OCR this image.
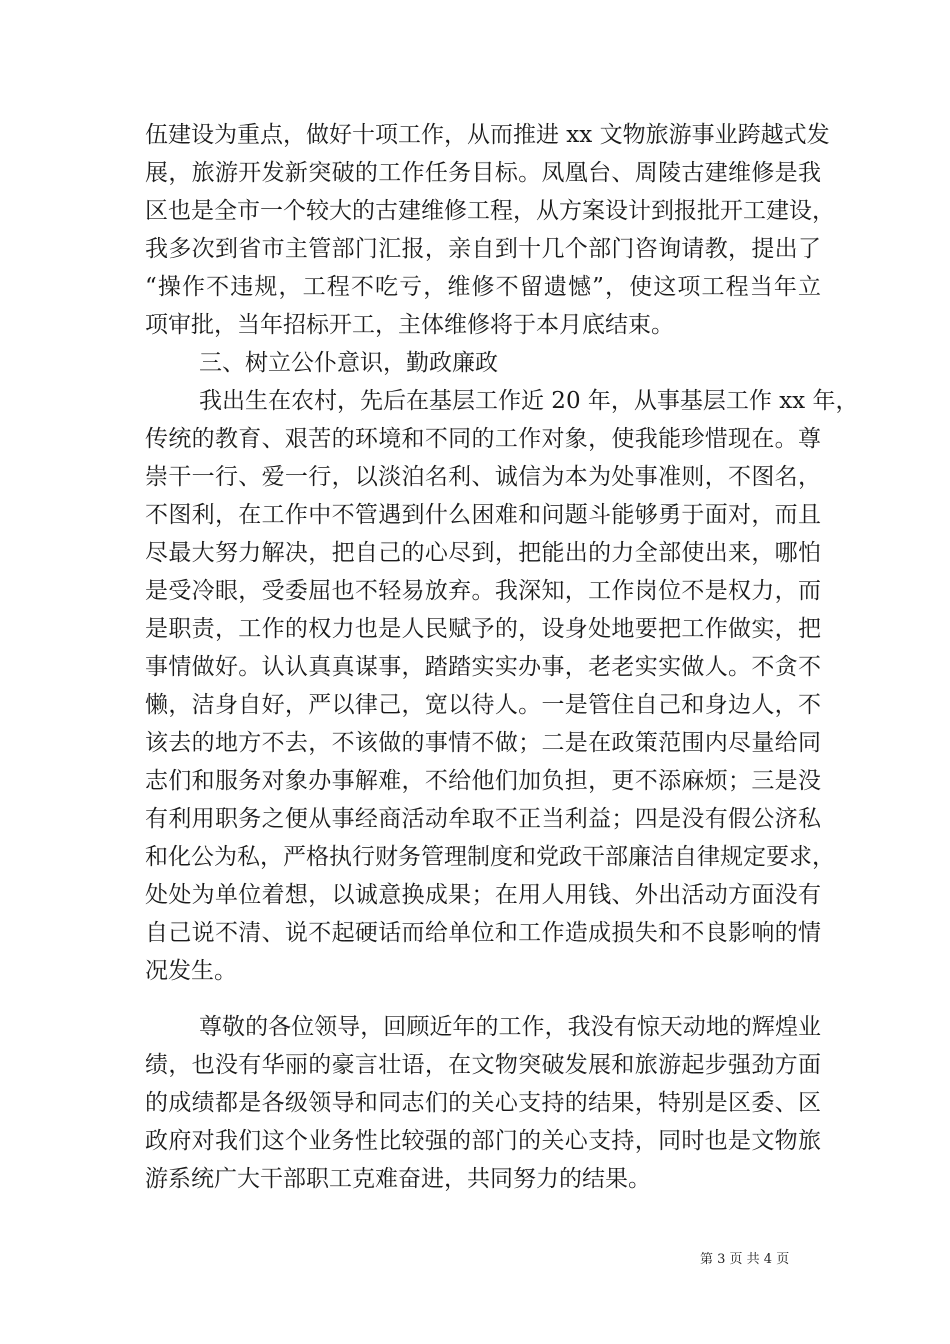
伍建设为重点，做好十项工作，从而推进 xx 文物旅游事业跨越式发
展，旅游开发新突破的工作任务目标。凤凰台、周陵古建维修是我
区也是全市一个较大的古建维修工程，从方案设计到报批开工建设，
我多次到省市主管部门汇报，亲自到十几个部门咨询请教，提出了
“操作不违规，工程不吃亏，维修不留遗憾”，使这项工程当年立
项审批，当年招标开工，主体维修将于本月底结束。
三、树立公仆意识，勤政廉政
我出生在农村，先后在基层工作近 20 年，从事基层工作 xx 年，
传统的教育、艰苦的环境和不同的工作对象，使我能珍惜现在。尊
崇干一行、爱一行，以淡泊名利、诚信为本为处事准则，不图名，
不图利，在工作中不管遇到什么困难和问题斗能够勇于面对，而且
尽最大努力解决，把自己的心尽到，把能出的力全部使出来，哪怕
是受冷眼，受委屈也不轻易放弃。我深知，工作岗位不是权力，而
是职责，工作的权力也是人民赋予的，设身处地要把工作做实，把
事情做好。认认真真谋事，踏踏实实办事，老老实实做人。不贪不
懒，洁身自好，严以律己，宽以待人。一是管住自己和身边人，不
该去的地方不去，不该做的事情不做；二是在政策范围内尽量给同
志们和服务对象办事解难，不给他们加负担，更不添麻烦；三是没
有利用职务之便从事经商活动牟取不正当利益；四是没有假公济私
和化公为私，严格执行财务管理制度和党政干部廉洁自律规定要求，
处处为单位着想，以诚意换成果；在用人用钱、外出活动方面没有
自己说不清、说不起硬话而给单位和工作造成损失和不良影响的情
况发生。
尊敬的各位领导，回顾近年的工作，我没有惊天动地的辉煌业
绩，也没有华丽的豪言壮语，在文物突破发展和旅游起步强劲方面
的成绩都是各级领导和同志们的关心支持的结果，特别是区委、区
政府对我们这个业务性比较强的部门的关心支持，同时也是文物旅
游系统广大干部职工克难奋进，共同努力的结果。
第 3 页 共 4 页
